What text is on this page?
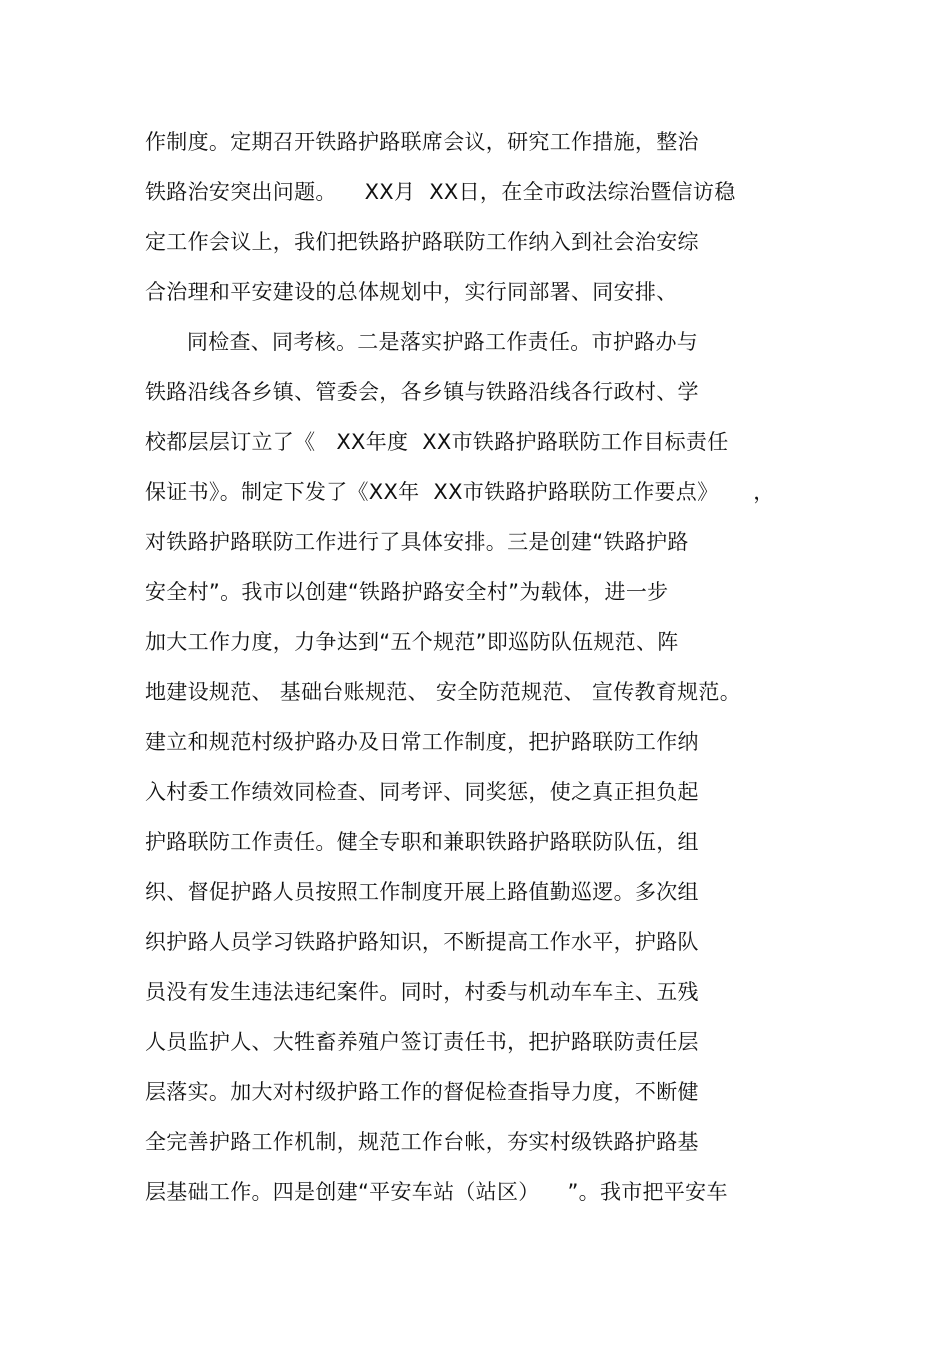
作制度。定期召开铁路护路联席会议，研究工作措施，整治
铁路治安突出问题。    XX月  XX日，在全市政法综治暨信访稳
定工作会议上，我们把铁路护路联防工作纳入到社会治安综
合治理和平安建设的总体规划中，实行同部署、同安排、
同检查、同考核。二是落实护路工作责任。市护路办与
铁路沿线各乡镇、管委会，各乡镇与铁路沿线各行政村、学
校都层层订立了《   XX年度  XX市铁路护路联防工作目标责任
保证书》。制定下发了《XX年  XX市铁路护路联防工作要点》     ，
对铁路护路联防工作进行了具体安排。三是创建“铁路护路
安全村”。我市以创建“铁路护路安全村”为载体，进一步
加大工作力度，力争达到“五个规范”即巡防队伍规范、阵
地建设规范、 基础台账规范、 安全防范规范、 宣传教育规范。
建立和规范村级护路办及日常工作制度，把护路联防工作纳
入村委工作绩效同检查、同考评、同奖惩，使之真正担负起
护路联防工作责任。健全专职和兼职铁路护路联防队伍，组
织、督促护路人员按照工作制度开展上路值勤巡逻。多次组
织护路人员学习铁路护路知识，不断提高工作水平，护路队
员没有发生违法违纪案件。同时，村委与机动车车主、五残
人员监护人、大牲畜养殖户签订责任书，把护路联防责任层
层落实。加大对村级护路工作的督促检查指导力度，不断健
全完善护路工作机制，规范工作台帐，夯实村级铁路护路基
层基础工作。四是创建“平安车站（站区）    ”。我市把平安车
